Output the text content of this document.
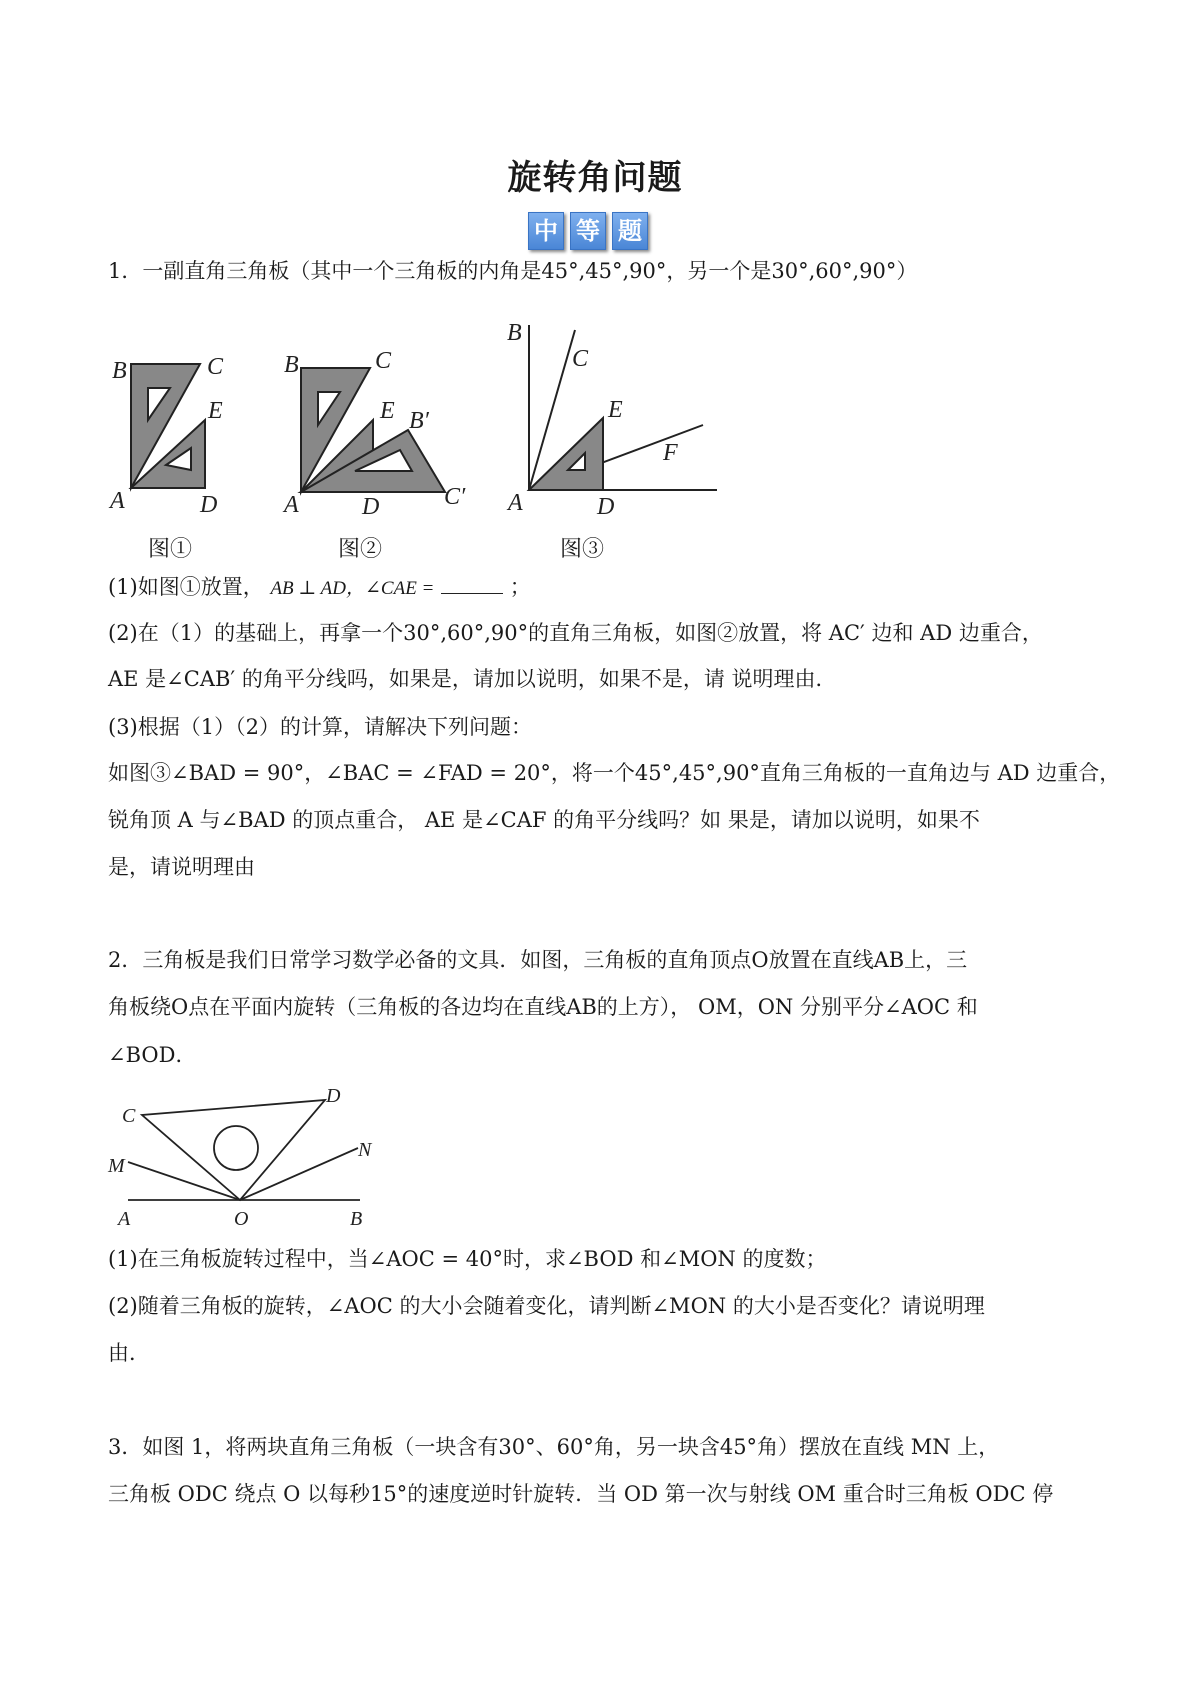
旋转角问题
中 等 题
1．一副直角三角板（其中一个三角板的内角是45°,45°,90°，另一个是30°,60°,90°）
B	C
E
A	D
B	C
E B′
A	D	C′
B
C
E
F
A	D
图①	图②	图③
(1)如图①放置， AB ⊥ AD，∠CAE =	；
(2)在（1）的基础上，再拿一个30°,60°,90°的直角三角板，如图②放置，将 AC′ 边和 AD 边重合，
AE 是∠CAB′ 的角平分线吗，如果是，请加以说明，如果不是，请 说明理由．
(3)根据（1）（2）的计算，请解决下列问题：
如图③∠BAD = 90°，∠BAC = ∠FAD = 20°，将一个45°,45°,90°直角三角板的一直角边与 AD 边重合，
锐角顶 A 与∠BAD 的顶点重合， AE 是∠CAF 的角平分线吗？如 果是，请加以说明，如果不
是，请说明理由
2．三角板是我们日常学习数学必备的文具．如图，三角板的直角顶点O放置在直线AB上，三
角板绕O点在平面内旋转（三角板的各边均在直线AB的上方）， OM，ON 分别平分∠AOC 和
∠BOD．
C
D
M
N
A	O	B
(1)在三角板旋转过程中，当∠AOC = 40°时，求∠BOD 和∠MON 的度数；
(2)随着三角板的旋转，∠AOC 的大小会随着变化，请判断∠MON 的大小是否变化？请说明理
由．
3．如图 1，将两块直角三角板（一块含有30°、60°角，另一块含45°角）摆放在直线 MN 上，
三角板 ODC 绕点 O 以每秒15°的速度逆时针旋转．当 OD 第一次与射线 OM 重合时三角板 ODC 停
